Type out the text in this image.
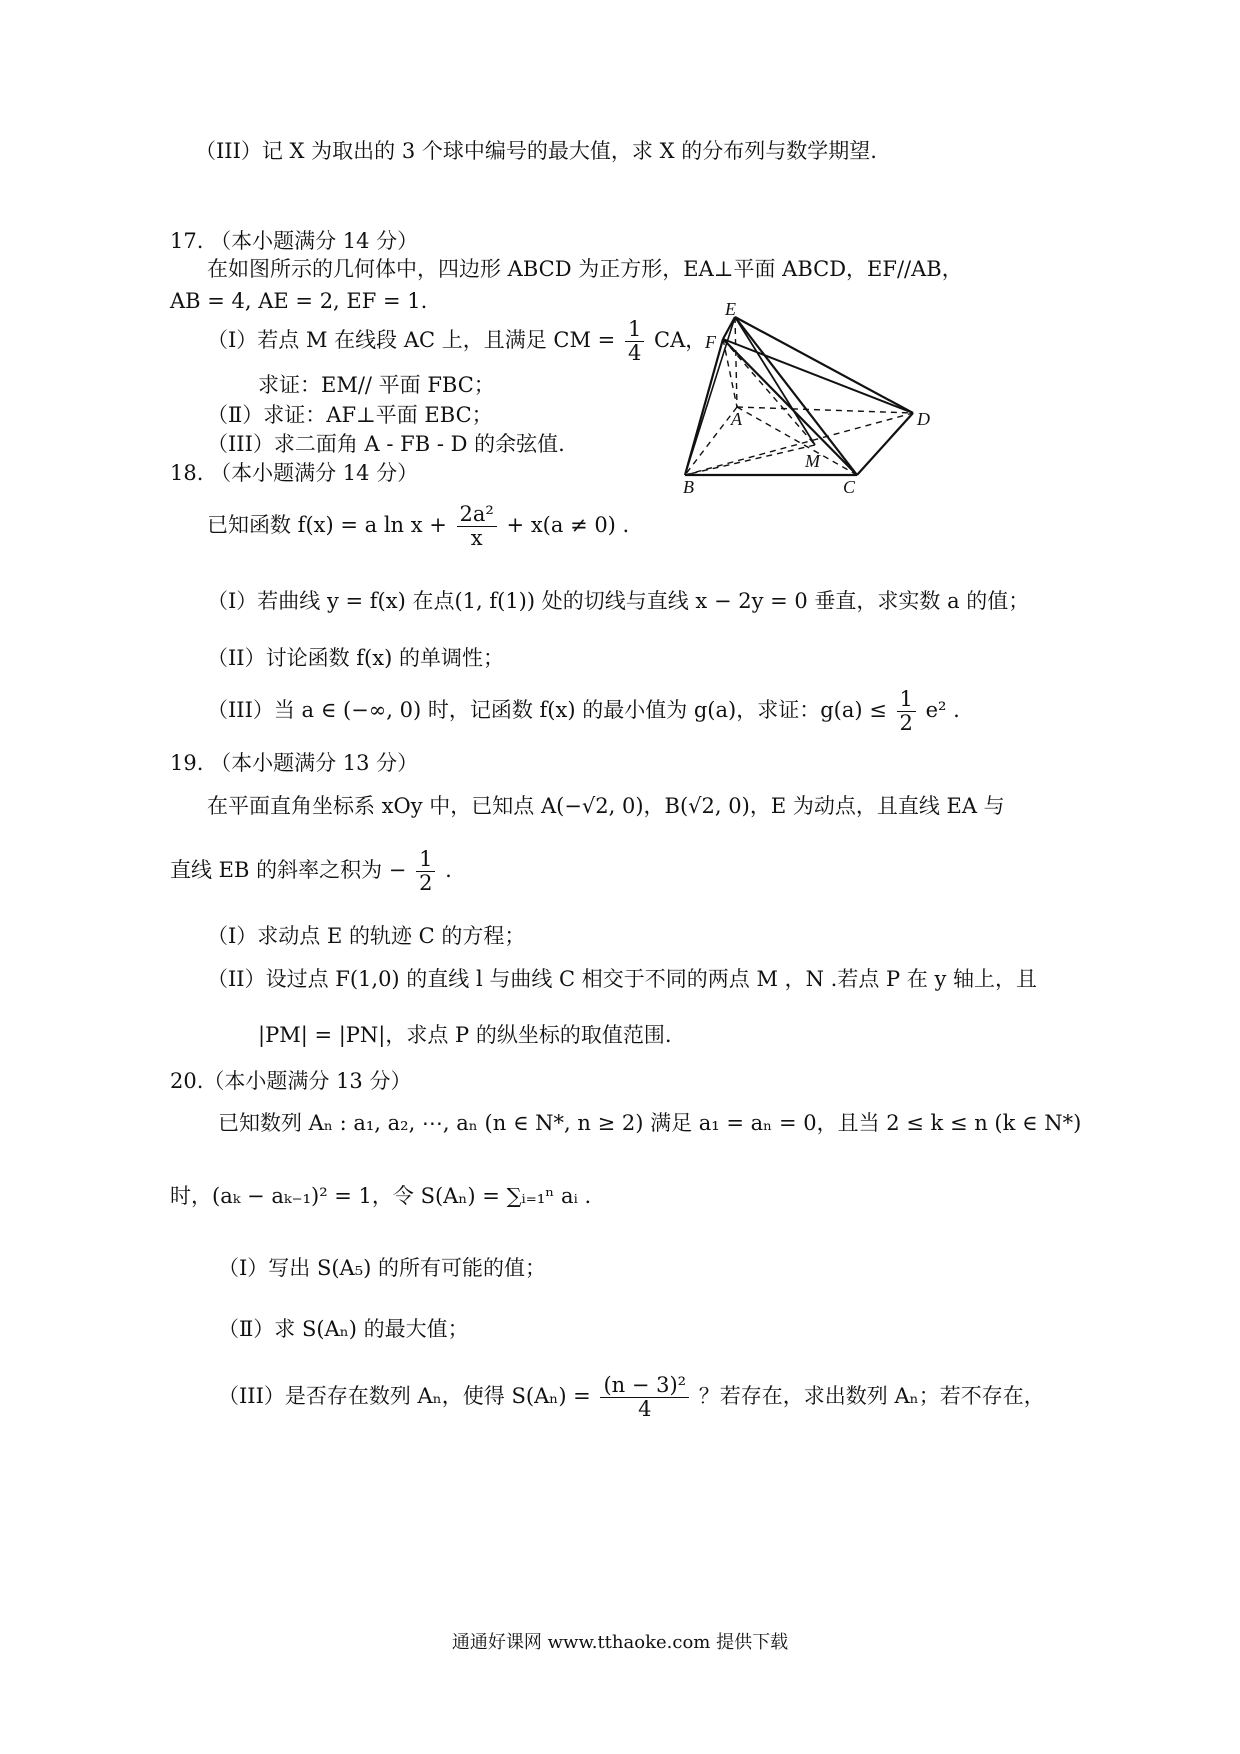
（III）记 X 为取出的 3 个球中编号的最大值，求 X 的分布列与数学期望.
17. （本小题满分 14 分）
在如图所示的几何体中，四边形 ABCD 为正方形，EA⊥平面 ABCD，EF//AB，
AB = 4, AE = 2, EF = 1.
（Ⅰ）若点 M 在线段 AC 上，且满足 CM = $\frac{1}{4}$ CA，
求证：EM// 平面 FBC；
（Ⅱ）求证：AF⊥平面 EBC；
（III）求二面角 A - FB - D 的余弦值.
E
F
A	D
M
B	C
18. （本小题满分 14 分）
已知函数 f(x) = a $\ln x + \frac{\text{2a²}}{x} + x(a \ne 0)$ .
（Ⅰ）若曲线 y = f(x) 在点(1, f(1)) 处的切线与直线 x − 2y = 0 垂直，求实数 a 的值；
（II）讨论函数 f(x) 的单调性；
（III）当 a ∈ (−∞, 0) 时，记函数 f(x) 的最小值为 g(a)，求证：$g(a) \le \frac{1}{2} e^2$ .
19. （本小题满分 13 分）
在平面直角坐标系 xOy 中，已知点 A(−√2, 0)，B(√2, 0)，E 为动点，且直线 EA 与
直线 EB 的斜率之积为 − $\frac{1}{2}$ .
（Ⅰ）求动点 E 的轨迹 C 的方程；
（II）设过点 F(1,0) 的直线 l 与曲线 C 相交于不同的两点 M ，N .若点 P 在 y 轴上，且
|PM| = |PN|，求点 P 的纵坐标的取值范围.
20.（本小题满分 13 分）
已知数列 Aₙ : a₁, a₂, ⋯, aₙ (n ∈ N*, n ≥ 2) 满足 a₁ = aₙ = 0，且当 2 ≤ k ≤ n (k ∈ N*)
时，(aₖ − aₖ₋₁)² = 1，令 S(Aₙ) = ∑ᵢ₌₁ⁿ aᵢ .
（Ⅰ）写出 S(A₅) 的所有可能的值；
（Ⅱ）求 S(Aₙ) 的最大值；
（III）是否存在数列 Aₙ，使得 $S(A_n) = \frac{\text{(n − 3)²}}{4}$ ？若存在，求出数列 Aₙ；若不存在，
通通好课网 www.tthaoke.com 提供下载
